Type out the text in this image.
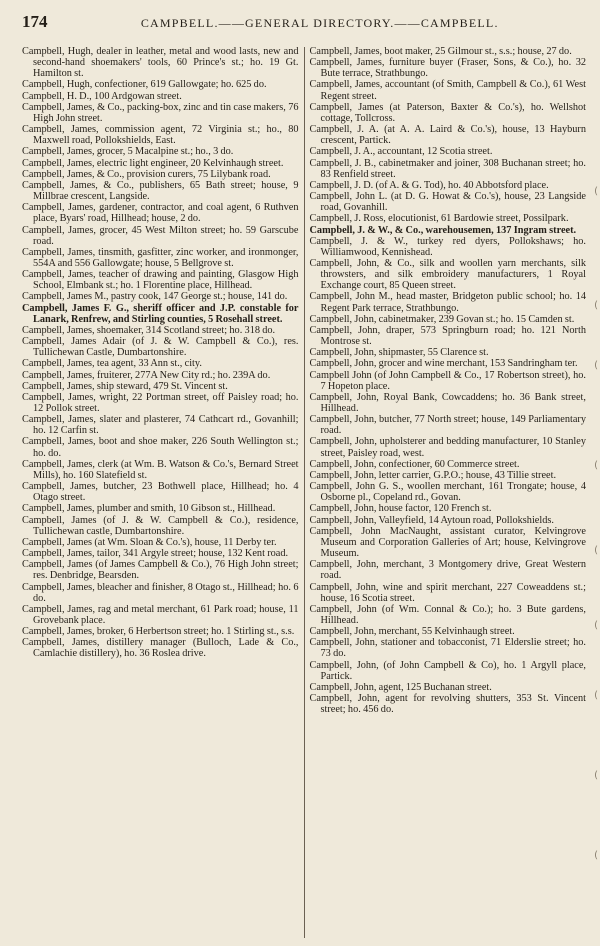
174	CAMPBELL.——GENERAL DIRECTORY.——CAMPBELL.

Campbell, Hugh, dealer in leather, metal and wood lasts, new and second-hand shoemakers' tools, 60 Prince's st.; ho. 19 Gt. Hamilton st.

Campbell, Hugh, confectioner, 619 Gallowgate; ho. 625 do.

Campbell, H. D., 100 Ardgowan street.

Campbell, James, & Co., packing-box, zinc and tin case makers, 76 High John street.

Campbell, James, commission agent, 72 Virginia st.; ho., 80 Maxwell road, Pollokshields, East.

Campbell, James, grocer, 5 Macalpine st.; ho., 3 do.

Campbell, James, electric light engineer, 20 Kelvinhaugh street.

Campbell, James, & Co., provision curers, 75 Lilybank road.

Campbell, James, & Co., publishers, 65 Bath street; house, 9 Millbrae crescent, Langside.

Campbell, James, gardener, contractor, and coal agent, 6 Ruthven place, Byars' road, Hillhead; house, 2 do.

Campbell, James, grocer, 45 West Milton street; ho. 59 Garscube road.

Campbell, James, tinsmith, gasfitter, zinc worker, and ironmonger, 554A and 556 Gallowgate; house, 5 Bellgrove st.

Campbell, James, teacher of drawing and painting, Glasgow High School, Elmbank st.; ho. 1 Florentine place, Hillhead.

Campbell, James M., pastry cook, 147 George st.; house, 141 do.

Campbell, James F. G., sheriff officer and J.P. constable for Lanark, Renfrew, and Stirling counties, 5 Rosehall street.

Campbell, James, shoemaker, 314 Scotland street; ho. 318 do.

Campbell, James Adair (of J. & W. Campbell & Co.), res. Tullichewan Castle, Dumbartonshire.

Campbell, James, tea agent, 33 Ann st., city.

Campbell, James, fruiterer, 277A New City rd.; ho. 239A do.

Campbell, James, ship steward, 479 St. Vincent st.

Campbell, James, wright, 22 Portman street, off Paisley road; ho. 12 Pollok street.

Campbell, James, slater and plasterer, 74 Cathcart rd., Govanhill; ho. 12 Carfin st.

Campbell, James, boot and shoe maker, 226 South Wellington st.; ho. do.

Campbell, James, clerk (at Wm. B. Watson & Co.'s, Bernard Street Mills), ho. 160 Slatefield st.

Campbell, James, butcher, 23 Bothwell place, Hillhead; ho. 4 Otago street.

Campbell, James, plumber and smith, 10 Gibson st., Hillhead.

Campbell, James (of J. & W. Campbell & Co.), residence, Tullichewan castle, Dumbartonshire.

Campbell, James (at Wm. Sloan & Co.'s), house, 11 Derby ter.

Campbell, James, tailor, 341 Argyle street; house, 132 Kent road.

Campbell, James (of James Campbell & Co.), 76 High John street; res. Denbridge, Bearsden.

Campbell, James, bleacher and finisher, 8 Otago st., Hillhead; ho. 6 do.

Campbell, James, rag and metal merchant, 61 Park road; house, 11 Grovebank place.

Campbell, James, broker, 6 Herbertson street; ho. 1 Stirling st., s.s.

Campbell, James, distillery manager (Bulloch, Lade & Co., Camlachie distillery), ho. 36 Roslea drive.

Campbell, James, boot maker, 25 Gilmour st., s.s.; house, 27 do.

Campbell, James, furniture buyer (Fraser, Sons, & Co.), ho. 32 Bute terrace, Strathbungo.

Campbell, James, accountant (of Smith, Campbell & Co.), 61 West Regent street.

Campbell, James (at Paterson, Baxter & Co.'s), ho. Wellshot cottage, Tollcross.

Campbell, J. A. (at A. A. Laird & Co.'s), house, 13 Hayburn crescent, Partick.

Campbell, J. A., accountant, 12 Scotia street.

Campbell, J. B., cabinetmaker and joiner, 308 Buchanan street; ho. 83 Renfield street.

Campbell, J. D. (of A. & G. Tod), ho. 40 Abbotsford place.

Campbell, John L. (at D. G. Howat & Co.'s), house, 23 Langside road, Govanhill.

Campbell, J. Ross, elocutionist, 61 Bardowie street, Possilpark.

Campbell, J. & W., & Co., warehousemen, 137 Ingram street.

Campbell, J. & W., turkey red dyers, Pollokshaws; ho. Williamwood, Kennishead.

Campbell, John, & Co., silk and woollen yarn merchants, silk throwsters, and silk embroidery manufacturers, 1 Royal Exchange court, 85 Queen street.

Campbell, John M., head master, Bridgeton public school; ho. 14 Regent Park terrace, Strathbungo.

Campbell, John, cabinetmaker, 239 Govan st.; ho. 15 Camden st.

Campbell, John, draper, 573 Springburn road; ho. 121 North Montrose st.

Campbell, John, shipmaster, 55 Clarence st.

Campbell, John, grocer and wine merchant, 153 Sandringham ter.

Campbell John (of John Campbell & Co., 17 Robertson street), ho. 7 Hopeton place.

Campbell, John, Royal Bank, Cowcaddens; ho. 36 Bank street, Hillhead.

Campbell, John, butcher, 77 North street; house, 149 Parliamentary road.

Campbell, John, upholsterer and bedding manufacturer, 10 Stanley street, Paisley road, west.

Campbell, John, confectioner, 60 Commerce street.

Campbell, John, letter carrier, G.P.O.; house, 43 Tillie street.

Campbell, John G. S., woollen merchant, 161 Trongate; house, 4 Osborne pl., Copeland rd., Govan.

Campbell, John, house factor, 120 French st.

Campbell, John, Valleyfield, 14 Aytoun road, Pollokshields.

Campbell, John MacNaught, assistant curator, Kelvingrove Museum and Corporation Galleries of Art; house, Kelvingrove Museum.

Campbell, John, merchant, 3 Montgomery drive, Great Western road.

Campbell, John, wine and spirit merchant, 227 Coweaddens st.; house, 16 Scotia street.

Campbell, John (of Wm. Connal & Co.); ho. 3 Bute gardens, Hillhead.

Campbell, John, merchant, 55 Kelvinhaugh street.

Campbell, John, stationer and tobacconist, 71 Elderslie street; ho. 73 do.

Campbell, John, (of John Campbell & Co), ho. 1 Argyll place, Partick.

Campbell, John, agent, 125 Buchanan street.

Campbell, John, agent for revolving shutters, 353 St. Vincent street; ho. 456 do.

(
(
(
(
(
(
(
(
(
